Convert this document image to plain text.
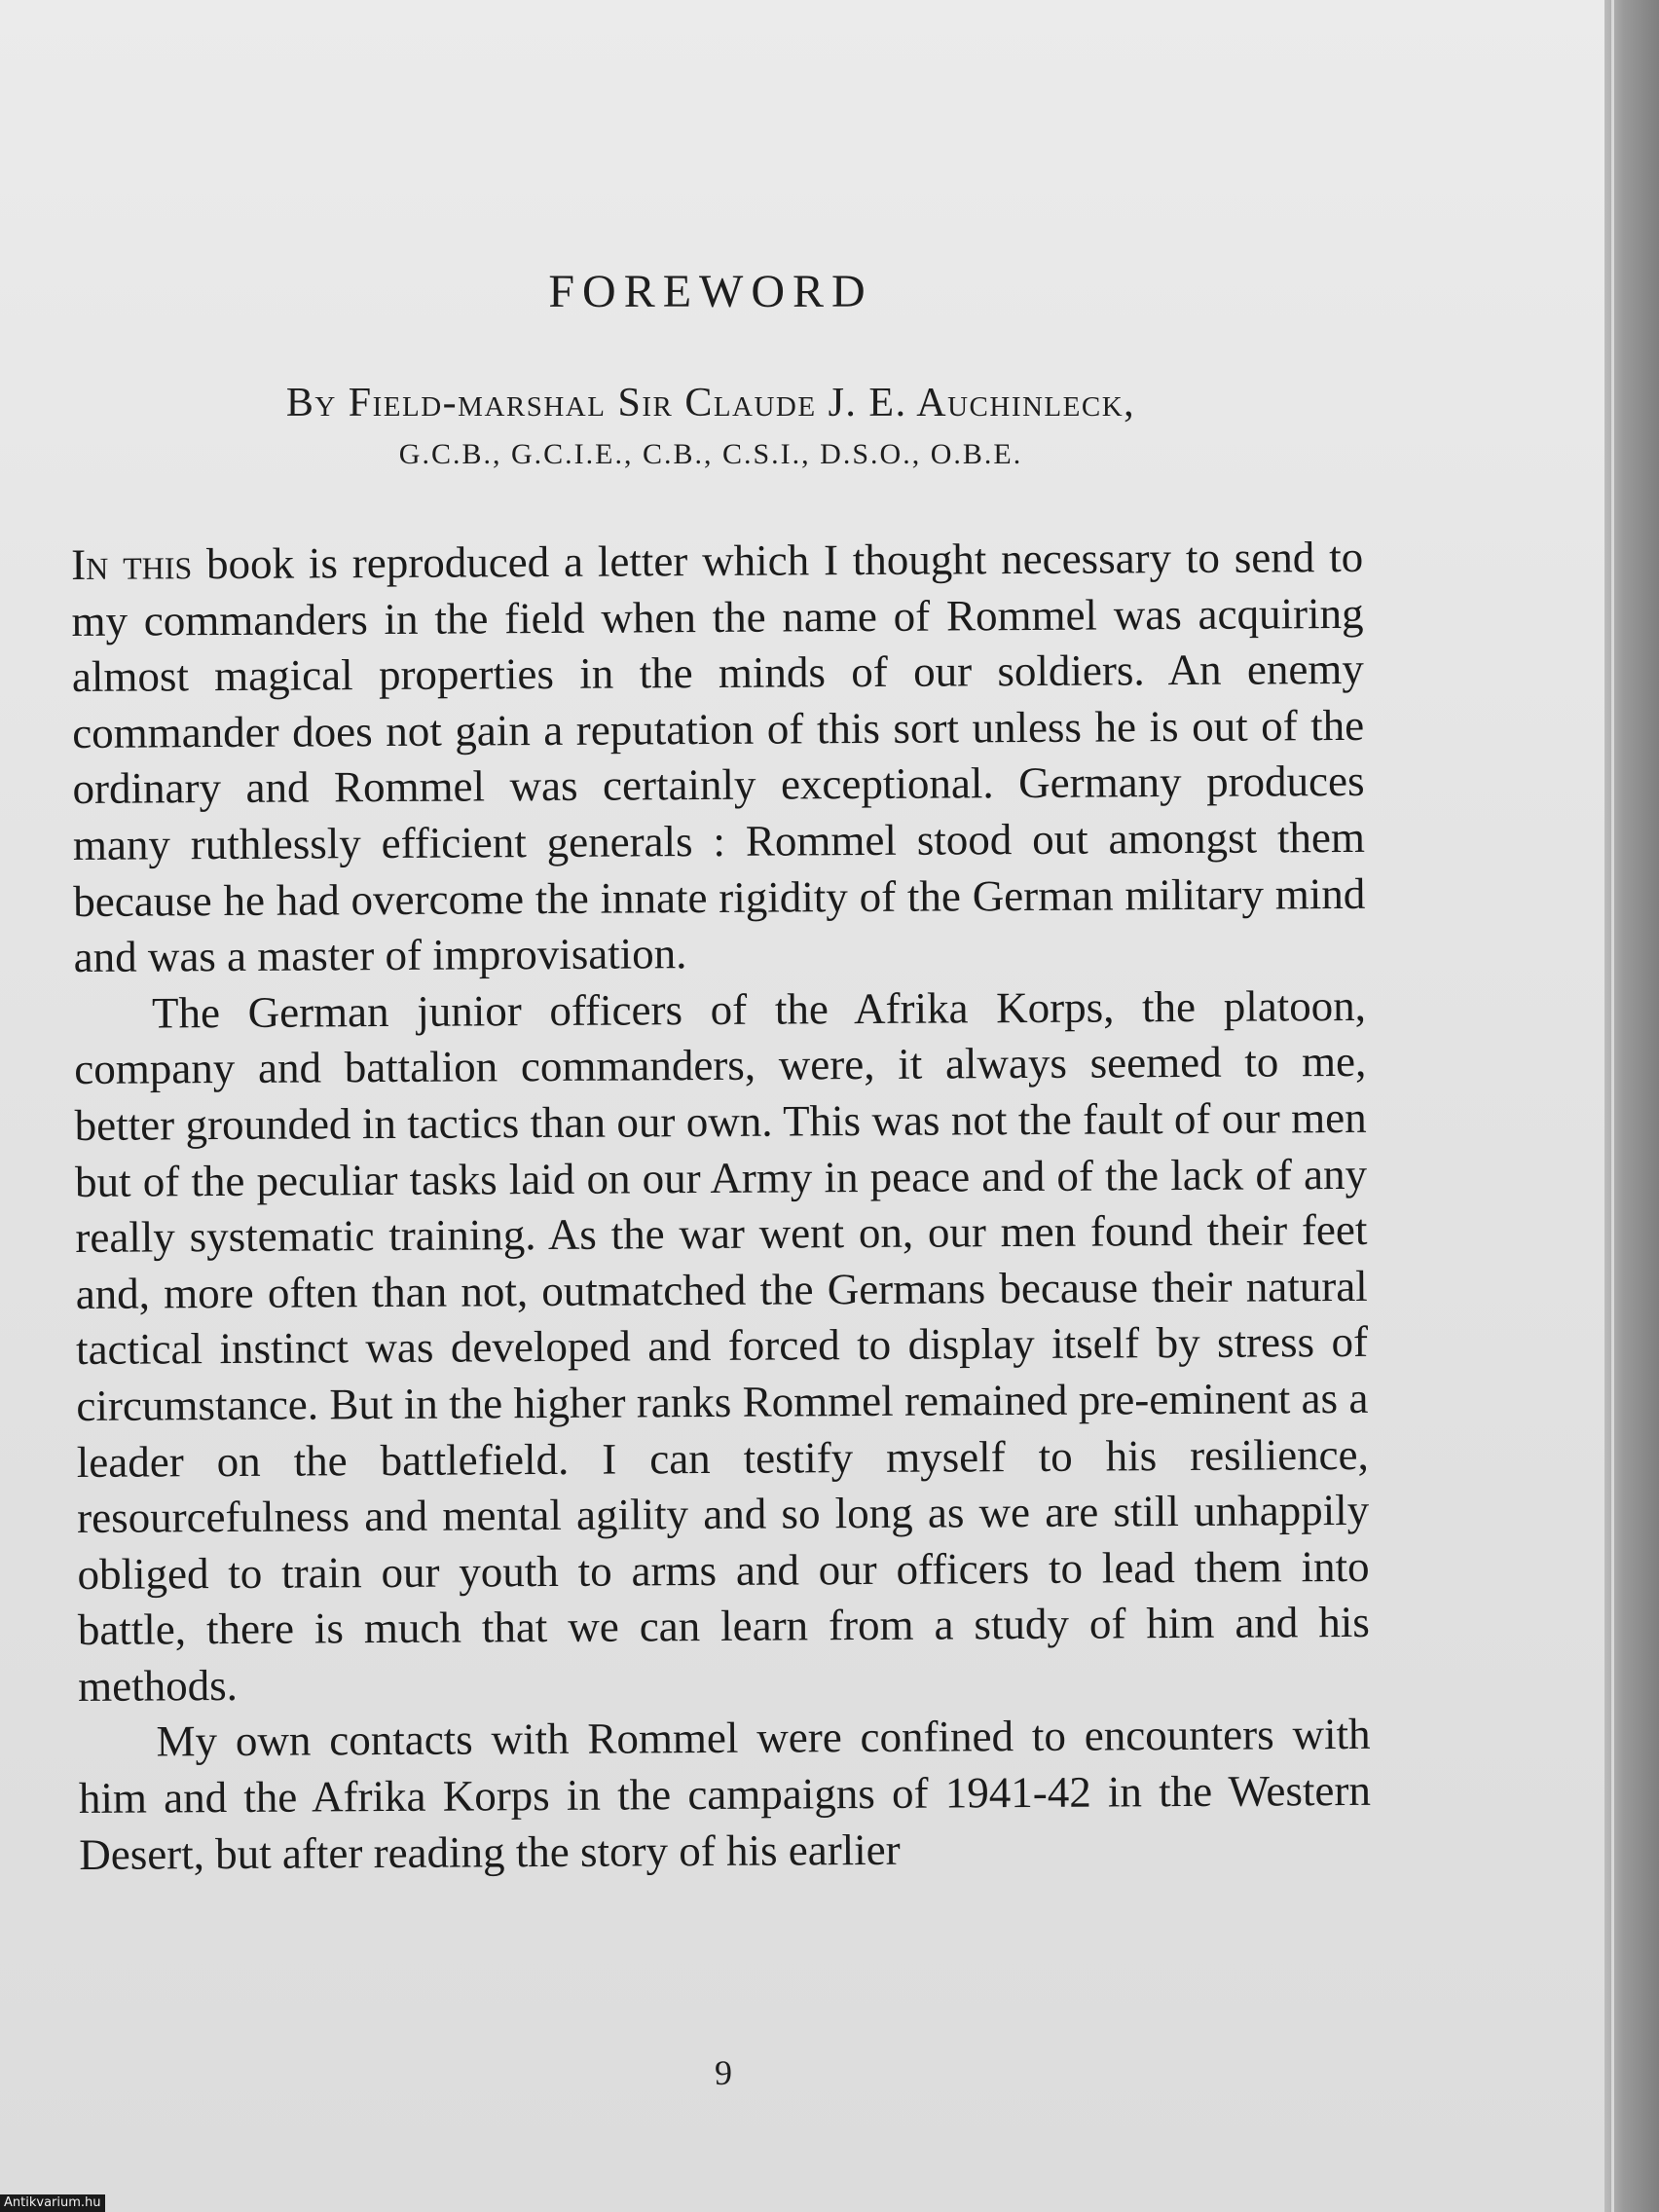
FOREWORD
By Field-marshal Sir Claude J. E. Auchinleck,
G.C.B., G.C.I.E., C.B., C.S.I., D.S.O., O.B.E.

In this book is reproduced a letter which I thought necessary to send to my commanders in the field when the name of Rommel was acquiring almost magical properties in the minds of our soldiers. An enemy commander does not gain a reputation of this sort unless he is out of the ordinary and Rommel was certainly exceptional. Germany produces many ruthlessly efficient generals : Rommel stood out amongst them because he had overcome the innate rigidity of the German military mind and was a master of improvisation.

The German junior officers of the Afrika Korps, the platoon, company and battalion commanders, were, it always seemed to me, better grounded in tactics than our own. This was not the fault of our men but of the peculiar tasks laid on our Army in peace and of the lack of any really systematic training. As the war went on, our men found their feet and, more often than not, outmatched the Germans because their natural tactical instinct was developed and forced to display itself by stress of circumstance. But in the higher ranks Rommel remained pre-eminent as a leader on the battlefield. I can testify myself to his resilience, resourcefulness and mental agility and so long as we are still unhappily obliged to train our youth to arms and our officers to lead them into battle, there is much that we can learn from a study of him and his methods.

My own contacts with Rommel were confined to encounters with him and the Afrika Korps in the campaigns of 1941-42 in the Western Desert, but after reading the story of his earlier

9
Antikvarium.hu
